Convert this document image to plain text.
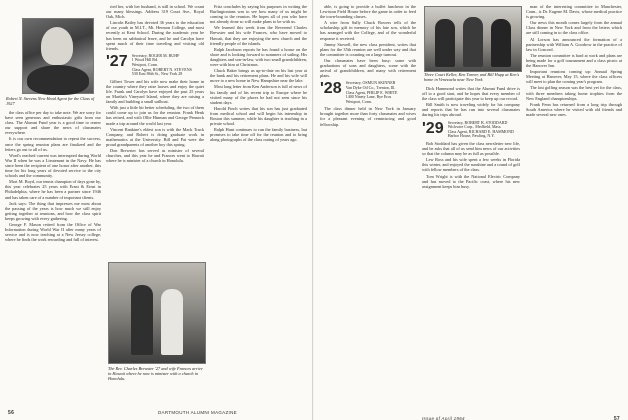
Robert N. Stevens New Head Agent for the Class of 1927

the class office per day to take note. We are sorry for have seen generous and enthusiastic gifts from our class. The Alumni Fund year is a good time to renew our support and share the news of classmates everywhere.

It is our own recommendation to repeat the success, once the spring reunion plans are finalized and the letters go out to all of us.

Word's reached current was interrupted during World War II when he was a Lieutenant in the Navy. He has since been the recipient of one honor after another, this time for his long years of devoted service to the city schools and the community.

Mort M. Boyd, our tennis champion of days gone by, this year celebrates 25 years with Ernst & Ernst in Philadelphia, where he has been a partner since 1946 and has taken care of a number of important clients.

Jack says: The thing that impresses me most about the passing of the years is how much we still enjoy getting together at reunions, and how the class spirit keeps growing with every gathering.

George F. Mason retired from the Office of War Information during World War II after many years of service and is now teaching at a New Jersey college, where he finds the work rewarding and full of interest.

ried her, with her husband, is still in school. We count our many blessings. Address 319 Court Ave., Royal Oak, Mich.

Lincoln Bailey has devoted 36 years to the education of our youth in M.I.T., Mt. Hermon College, and most recently at Kent School. During the academic year he has been on sabbatical leave, and he and Carolyn have spent much of their time traveling and visiting old friends.

'27 Secretary, ROGER M. RUHF
1 Wood Hill Rd.
Westport, Conn.
Class Agent, ROBERT N. STEVENS
530 East 86th St., New York 28

Gilbert Tower and his wife now make their home in the country where they raise horses and enjoy the quiet life. Frank and Carolyn have enjoyed the past 25 years on Martha's Vineyard Island, where they are raising a family and building a small sailboat.

With just a little bit better scheduling, the two of them could come up to join us for the reunion. Frank Henk has retired, and with Ollie Hinman and George Pennock made a trip around the world last year.

Vincent Rankine's eldest son is with the Mack Truck Company, and Robert is doing graduate work in mathematics at the University. Bill and Pat were the proud grandparents of another boy this spring.

Don Brewster has served as minister of several churches, and this year he and Frances went to Hawaii where he is minister of a church in Honolulu.

The Rev. Charles Brewster '27 and wife Frances arrive in Hawaii where he now is minister with a church in Honolulu.

Fritz concludes by saying his purposes in writing the Burlingtonians was to see how many of us might be coming to the reunion. He hopes all of you who have not already done so will make plans to be with us.

We learned this week from the Reverend Charles Brewster and his wife Frances, who have moved to Hawaii, that they are enjoying the new church and the friendly people of the islands.

Ralph Jacobson reports he has found a house on the shore and is looking forward to summers of sailing. His daughters and son-in-law, with two small grandchildren, were with him at Christmas.

Chuck Baker brings us up-to-date on his last year at the bank and his retirement plans. He and his wife will move to a new home in New Hampshire near the lake.

Most long letter from Ken Anderson is full of news of his family and of his recent trip to Europe where he visited many of the places he had not seen since his student days.

Harold Finch writes that his son has just graduated from medical school and will begin his internship in Boston this summer, while his daughter is teaching in a private school.

Ralph Hunt continues to run the family business, but promises to take time off for the reunion and to bring along photographs of the class outing of years ago.

56	DARTMOUTH ALUMNI MAGAZINE

able, is going to provide a buffet luncheon in the Lewiston Field House before the game in order to feed the town-bounding classes.

A wire from Sully Chuck Bowers tells of the scholarship gift in memory of his late son, which he has arranged with the College, and of the wonderful response it received.

Jimmy Stowell, the new class president, writes that plans for the 35th reunion are well under way and that the committee is counting on a large turnout.

Our classmates have been busy: some with graduations of sons and daughters, some with the arrival of grandchildren, and many with retirement plans.

'28 Secretary, OSMUN SKINNER
Van Dyke Oil Co., Trenton, Ill.
Class Agent, PHILIP E. WHITE
1400 Ninety Lane, Rye Eros
Westport, Conn.

The class dinner held in New York in January brought together more than forty classmates and wives for a pleasant evening of reminiscing and good fellowship.

Dick Hammond writes that the Alumni Fund drive is off to a good start, and he hopes that every member of the class will participate this year to keep up our record.

Bill Smith is now traveling widely for his company and reports that he has run into several classmates during his trips abroad.

'29 Secretary, ROBERT B. STODDARD
Wickwire Corp., Medfield, Mass.
Class Agent, RICHARD E. HAMMOND
Harbor House, Pawling, N.Y.

Bob Stoddard has given the class newsletter new life, and he asks that all of us send him news of our activities so that the column may be as full as possible.

Lew Ross and his wife spent a few weeks in Florida this winter, and enjoyed the sunshine and a round of golf with fellow members of the class.

Tom Wright is with the National Electric Company and has moved to the Pacific coast, where his new assignment keeps him busy.

Three Court Keller, Ken Turner, and Bill Hupp at Ken's home in Venezuela near New York.

man of the interesting committee in Manchester, Conn., is Dr. Eugene M. Davis, whose medical practice is growing.

Our news this month comes largely from the annual Class dinner in New York and from the letters which are still coming in to the class office.

Al Lorson has announced the formation of a partnership with William A. Goodrow in the practice of law in Concord.

The reunion committee is hard at work and plans are being made for a golf tournament and a class picnic at the Hanover Inn.

Important reunions coming up: Annual Spring Meeting at Hanover, May 15, where the class officers will meet to plan the coming year's program.

The last golfing season was the best yet for the class, with three members taking home trophies from the New England championships.

Frank Fenn has returned from a long trip through South America where he visited with old friends and made several new ones.

Issue of April 1964	57
